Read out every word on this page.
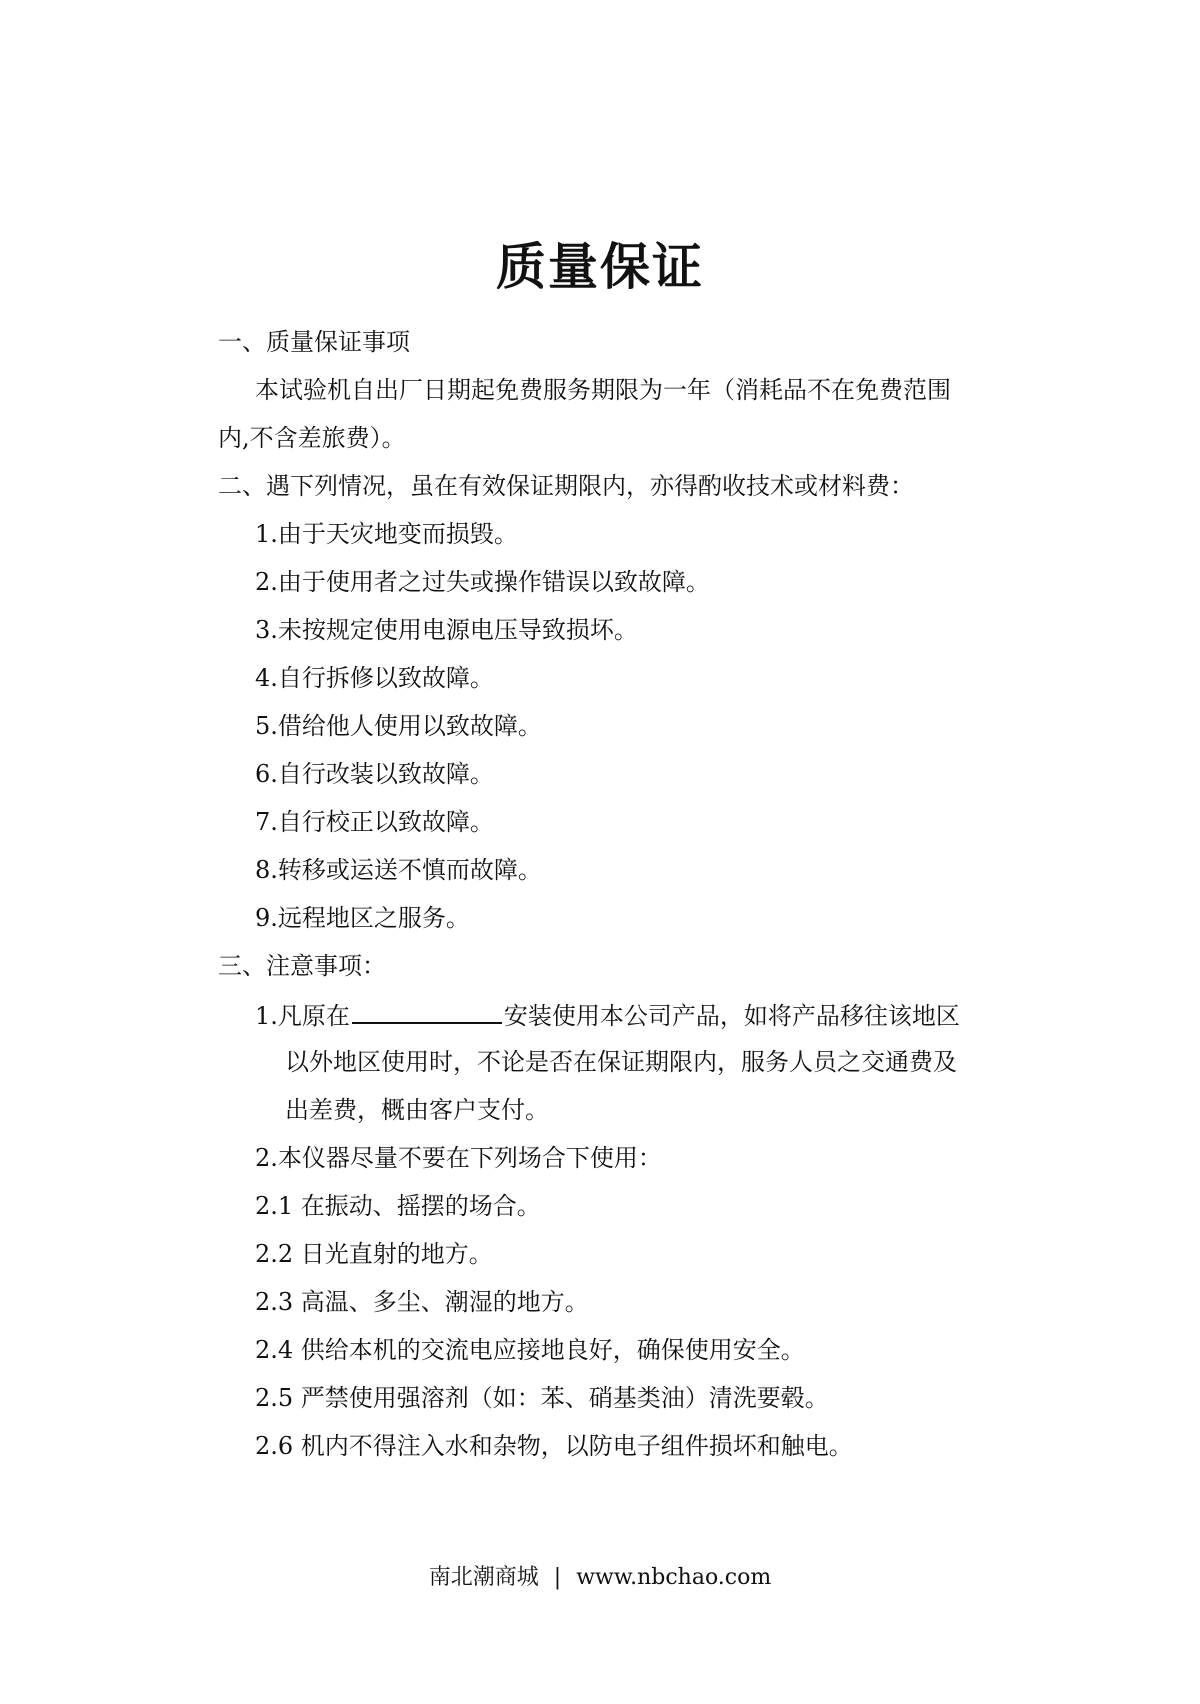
质量保证

一、质量保证事项

本试验机自出厂日期起免费服务期限为一年（消耗品不在免费范围

内,不含差旅费）。

二、遇下列情况，虽在有效保证期限内，亦得酌收技术或材料费：

1.由于天灾地变而损毁。

2.由于使用者之过失或操作错误以致故障。

3.未按规定使用电源电压导致损坏。

4.自行拆修以致故障。

5.借给他人使用以致故障。

6.自行改装以致故障。

7.自行校正以致故障。

8.转移或运送不慎而故障。

9.远程地区之服务。

三、注意事项：

1.凡原在	安装使用本公司产品，如将产品移往该地区

以外地区使用时，不论是否在保证期限内，服务人员之交通费及

出差费，概由客户支付。

2.本仪器尽量不要在下列场合下使用：

2.1 在振动、摇摆的场合。

2.2 日光直射的地方。

2.3 高温、多尘、潮湿的地方。

2.4 供给本机的交流电应接地良好，确保使用安全。

2.5 严禁使用强溶剂（如：苯、硝基类油）清洗要毂。

2.6 机内不得注入水和杂物，以防电子组件损坏和触电。

南北潮商城 | www.nbchao.com
